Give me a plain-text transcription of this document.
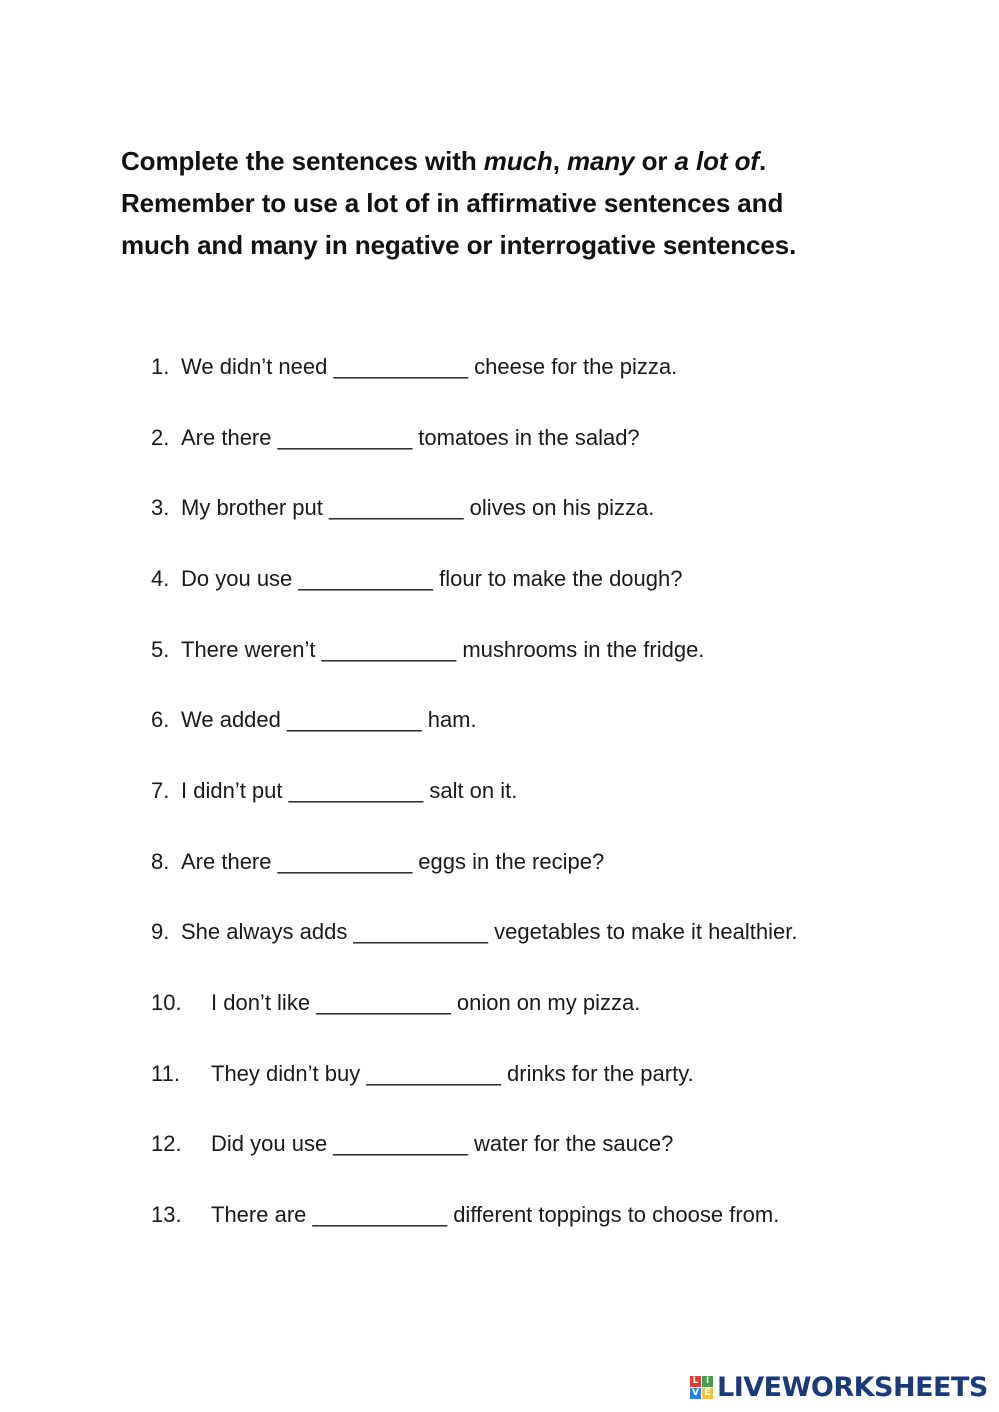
Complete the sentences with much, many or a lot of.
Remember to use a lot of in affirmative sentences and
much and many in negative or interrogative sentences.
1. We didn’t need ___________ cheese for the pizza.
2. Are there ___________ tomatoes in the salad?
3. My brother put ___________ olives on his pizza.
4. Do you use ___________ flour to make the dough?
5. There weren’t ___________ mushrooms in the fridge.
6. We added ___________ ham.
7. I didn’t put ___________ salt on it.
8. Are there ___________ eggs in the recipe?
9. She always adds ___________ vegetables to make it healthier.
10. I don’t like ___________ onion on my pizza.
11. They didn’t buy ___________ drinks for the party.
12. Did you use ___________ water for the sauce?
13. There are ___________ different toppings to choose from.
L I
V E LIVEWORKSHEETS
